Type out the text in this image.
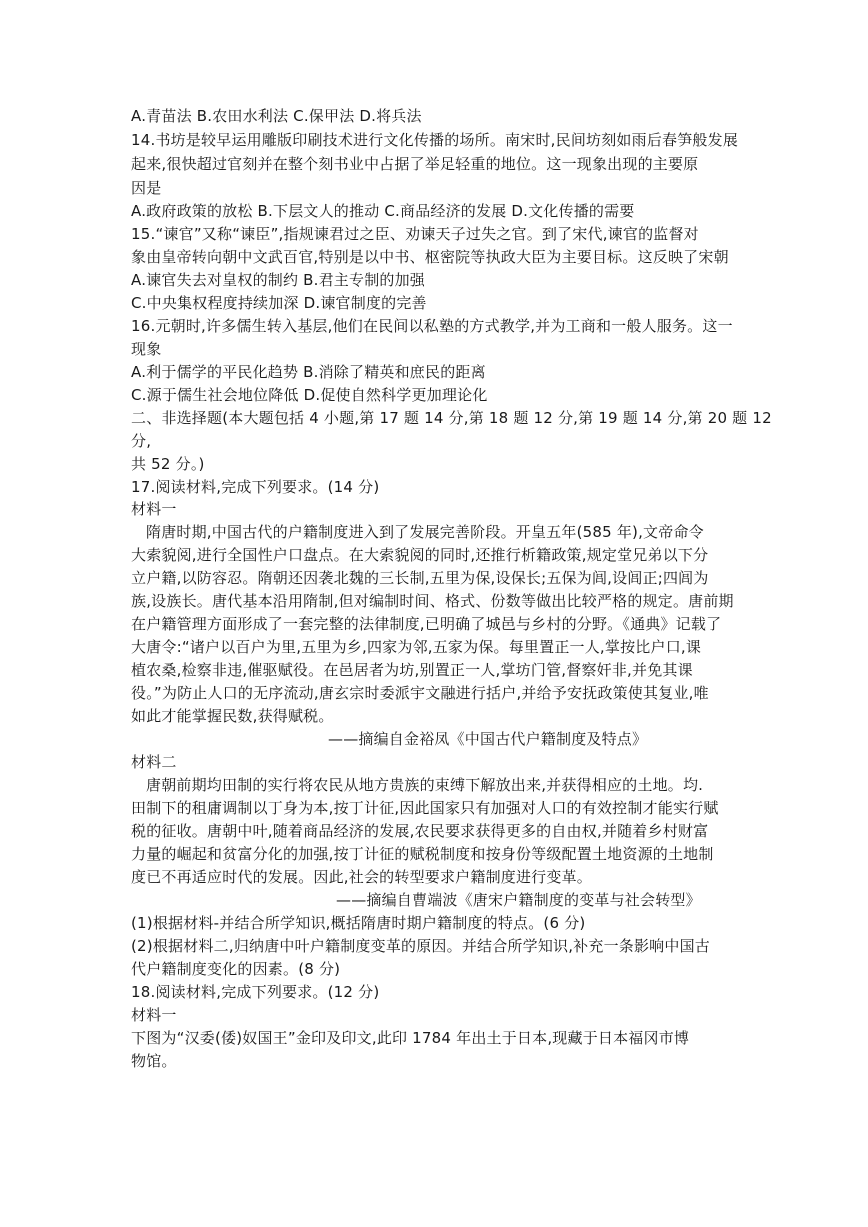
A.青苗法 B.农田水利法 C.保甲法 D.将兵法
14.书坊是较早运用雕版印刷技术进行文化传播的场所。南宋时,民间坊刻如雨后春笋般发展
起来,很快超过官刻并在整个刻书业中占据了举足轻重的地位。这一现象出现的主要原
因是
A.政府政策的放松 B.下层文人的推动 C.商品经济的发展 D.文化传播的需要
15.“谏官”又称“谏臣”,指规谏君过之臣、劝谏天子过失之官。到了宋代,谏官的监督对
象由皇帝转向朝中文武百官,特别是以中书、枢密院等执政大臣为主要目标。这反映了宋朝
A.谏官失去对皇权的制约 B.君主专制的加强
C.中央集权程度持续加深 D.谏官制度的完善
16.元朝时,许多儒生转入基层,他们在民间以私塾的方式教学,并为工商和一般人服务。这一
现象
A.利于儒学的平民化趋势 B.消除了精英和庶民的距离
C.源于儒生社会地位降低 D.促使自然科学更加理论化
二、非选择题(本大题包括 4 小题,第 17 题 14 分,第 18 题 12 分,第 19 题 14 分,第 20 题 12
分,
共 52 分。)
17.阅读材料,完成下列要求。(14 分)
材料一
隋唐时期,中国古代的户籍制度进入到了发展完善阶段。开皇五年(585 年),文帝命令
大索貌阅,进行全国性户口盘点。在大索貌阅的同时,还推行析籍政策,规定堂兄弟以下分
立户籍,以防容忍。隋朝还因袭北魏的三长制,五里为保,设保长;五保为闾,设闾正;四闾为
族,设族长。唐代基本沿用隋制,但对编制时间、格式、份数等做出比较严格的规定。唐前期
在户籍管理方面形成了一套完整的法律制度,已明确了城邑与乡村的分野。《通典》记载了
大唐令:“诸户以百户为里,五里为乡,四家为邻,五家为保。每里置正一人,掌按比户口,课
植农桑,检察非违,催驱赋役。在邑居者为坊,别置正一人,掌坊门管,督察奸非,并免其课
役。”为防止人口的无序流动,唐玄宗时委派宇文融进行括户,并给予安抚政策使其复业,唯
如此才能掌握民数,获得赋税。
——摘编自金裕凤《中国古代户籍制度及特点》
材料二
唐朝前期均田制的实行将农民从地方贵族的束缚下解放出来,并获得相应的土地。均.
田制下的租庸调制以丁身为本,按丁计征,因此国家只有加强对人口的有效控制才能实行赋
税的征收。唐朝中叶,随着商品经济的发展,农民要求获得更多的自由权,并随着乡村财富
力量的崛起和贫富分化的加强,按丁计征的赋税制度和按身份等级配置土地资源的土地制
度已不再适应时代的发展。因此,社会的转型要求户籍制度进行变革。
——摘编自曹端波《唐宋户籍制度的变革与社会转型》
(1)根据材料-并结合所学知识,概括隋唐时期户籍制度的特点。(6 分)
(2)根据材料二,归纳唐中叶户籍制度变革的原因。并结合所学知识,补充一条影响中国古
代户籍制度变化的因素。(8 分)
18.阅读材料,完成下列要求。(12 分)
材料一
下图为“汉委(倭)奴国王”金印及印文,此印 1784 年出土于日本,现藏于日本福冈市博
物馆。
